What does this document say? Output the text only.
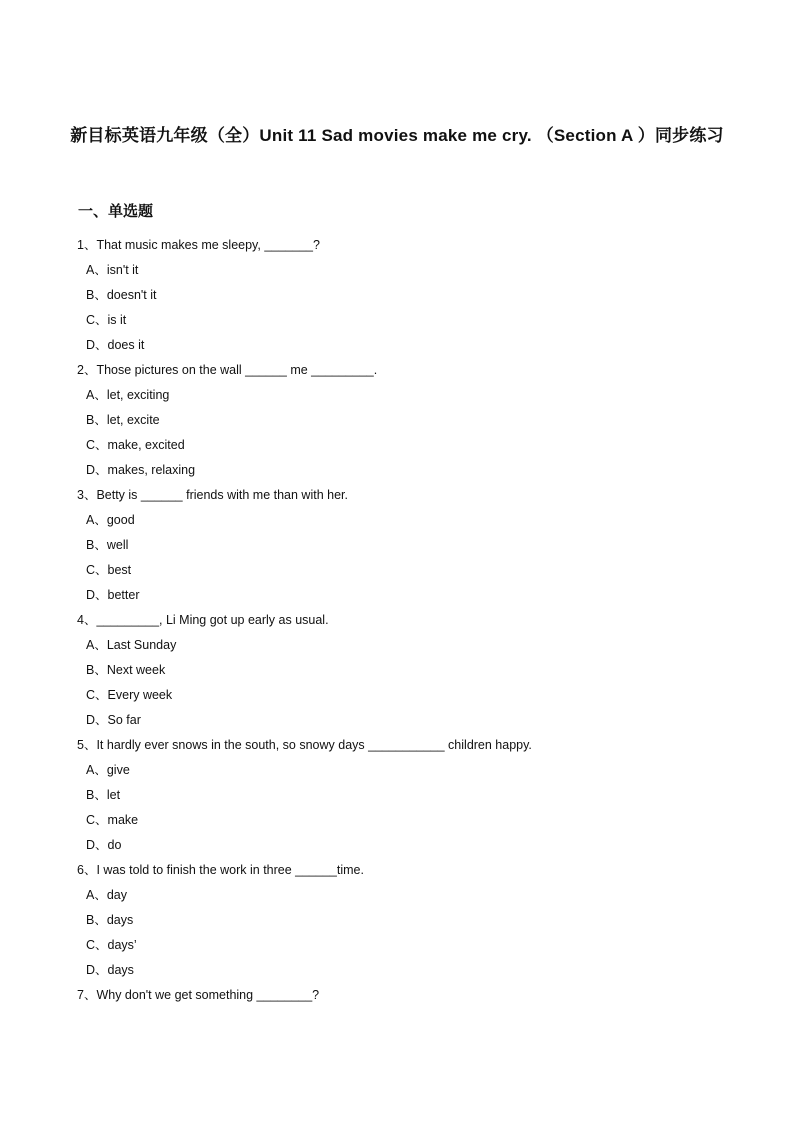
新目标英语九年级（全）Unit 11 Sad movies make me cry. （Section A ）同步练习
一、单选题
1、That music makes me sleepy, _______?
A、isn't it
B、doesn't it
C、is it
D、does it
2、Those pictures on the wall ______ me _________.
A、let, exciting
B、let, excite
C、make, excited
D、makes, relaxing
3、Betty is ______ friends with me than with her.
A、good
B、well
C、best
D、better
4、_________, Li Ming got up early as usual.
A、Last Sunday
B、Next week
C、Every week
D、So far
5、It hardly ever snows in the south, so snowy days ___________ children happy.
A、give
B、let
C、make
D、do
6、I was told to finish the work in three ______time.
A、day
B、days
C、days’
D、days
7、Why don't we get something ________?
